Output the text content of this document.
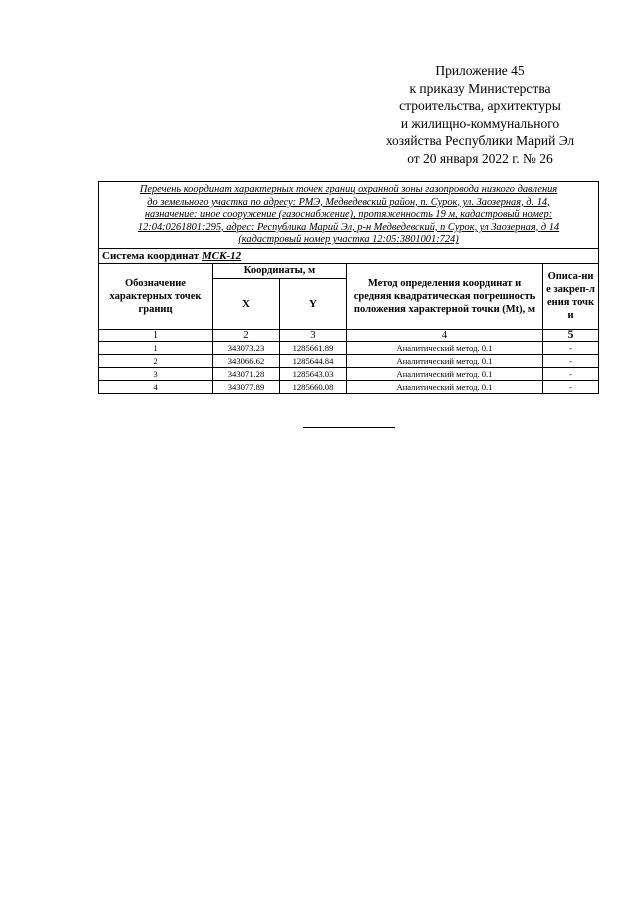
Приложение 45
к приказу Министерства
строительства, архитектуры
и жилищно-коммунального
хозяйства Республики Марий Эл
от 20 января 2022 г. № 26
Перечень координат характерных точек границ охранной зоны газопровода низкого давления
до земельного участка по адресу: РМЭ, Медведевский район, п. Сурок, ул. Заозерная, д. 14,
назначение: иное сооружение (газоснабжение), протяженность 19 м, кадастровый номер:
12:04:0261801:295, адрес: Республика Марий Эл, р-н Медведевский, п Сурок, ул Заозерная, д 14
(кадастровый номер участка 12:05:3801001:724)				

Система координат МСК-12				
Обозначение характерных точек границ	Координаты, м		Метод определения координат и средняя квадратическая погрешность положения характерной точки (Mt), м	Описа-ние закреп-ления точки
	X	Y		
1	2	3	4	5
1	343073.23	1285661.89	Аналитический метод. 0.1	-
2	343066.62	1285644.84	Аналитический метод. 0.1	-
3	343071.28	1285643.03	Аналитический метод. 0.1	-
4	343077.89	1285660.08	Аналитический метод. 0.1	-
